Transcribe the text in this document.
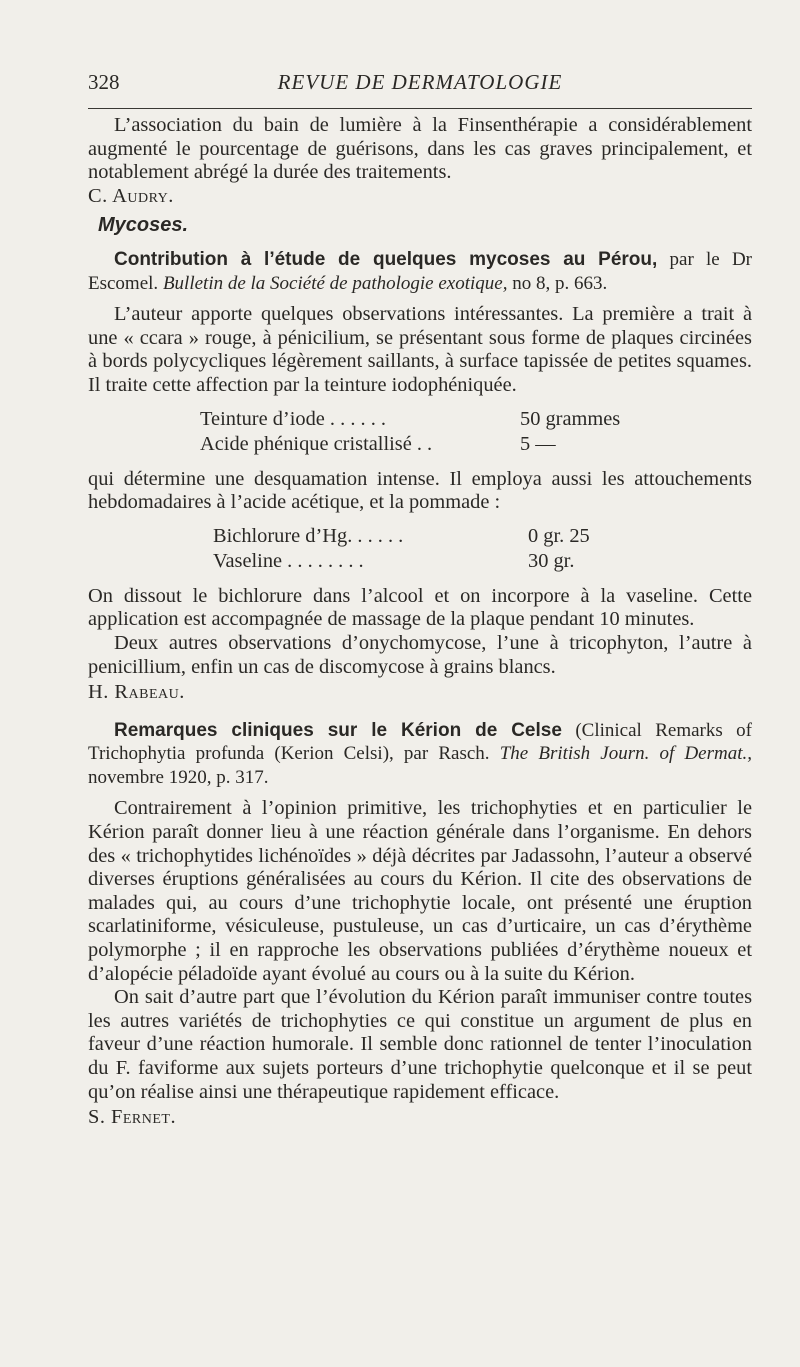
328	REVUE DE DERMATOLOGIE

L’association du bain de lumière à la Finsenthérapie a considérablement augmenté le pourcentage de guérisons, dans les cas graves principalement, et notablement abrégé la durée des traitements.

C. Audry.

Mycoses.

Contribution à l’étude de quelques mycoses au Pérou, par le Dr Escomel. Bulletin de la Société de pathologie exotique, no 8, p. 663.

L’auteur apporte quelques observations intéressantes. La première a trait à une « ccara » rouge, à pénicilium, se présentant sous forme de plaques circinées à bords polycycliques légèrement saillants, à surface tapissée de petites squames. Il traite cette affection par la teinture iodophéniquée.

Teinture d’iode . . . . . .	50 grammes
Acide phénique cristallisé . .	5 —

qui détermine une desquamation intense. Il employa aussi les attouchements hebdomadaires à l’acide acétique, et la pommade :

Bichlorure d’Hg. . . . . .	0 gr. 25
Vaseline . . . . . . . .	30 gr.

On dissout le bichlorure dans l’alcool et on incorpore à la vaseline. Cette application est accompagnée de massage de la plaque pendant 10 minutes.

Deux autres observations d’onychomycose, l’une à tricophyton, l’autre à penicillium, enfin un cas de discomycose à grains blancs.

H. Rabeau.

Remarques cliniques sur le Kérion de Celse (Clinical Remarks of Trichophytia profunda (Kerion Celsi), par Rasch. The British Journ. of Dermat., novembre 1920, p. 317.

Contrairement à l’opinion primitive, les trichophyties et en particulier le Kérion paraît donner lieu à une réaction générale dans l’organisme. En dehors des « trichophytides lichénoïdes » déjà décrites par Jadassohn, l’auteur a observé diverses éruptions généralisées au cours du Kérion. Il cite des observations de malades qui, au cours d’une trichophytie locale, ont présenté une éruption scarlatiniforme, vésiculeuse, pustuleuse, un cas d’urticaire, un cas d’érythème polymorphe ; il en rapproche les observations publiées d’érythème noueux et d’alopécie péladoïde ayant évolué au cours ou à la suite du Kérion.

On sait d’autre part que l’évolution du Kérion paraît immuniser contre toutes les autres variétés de trichophyties ce qui constitue un argument de plus en faveur d’une réaction humorale. Il semble donc rationnel de tenter l’inoculation du F. faviforme aux sujets porteurs d’une trichophytie quelconque et il se peut qu’on réalise ainsi une thérapeutique rapidement efficace.

S. Fernet.
